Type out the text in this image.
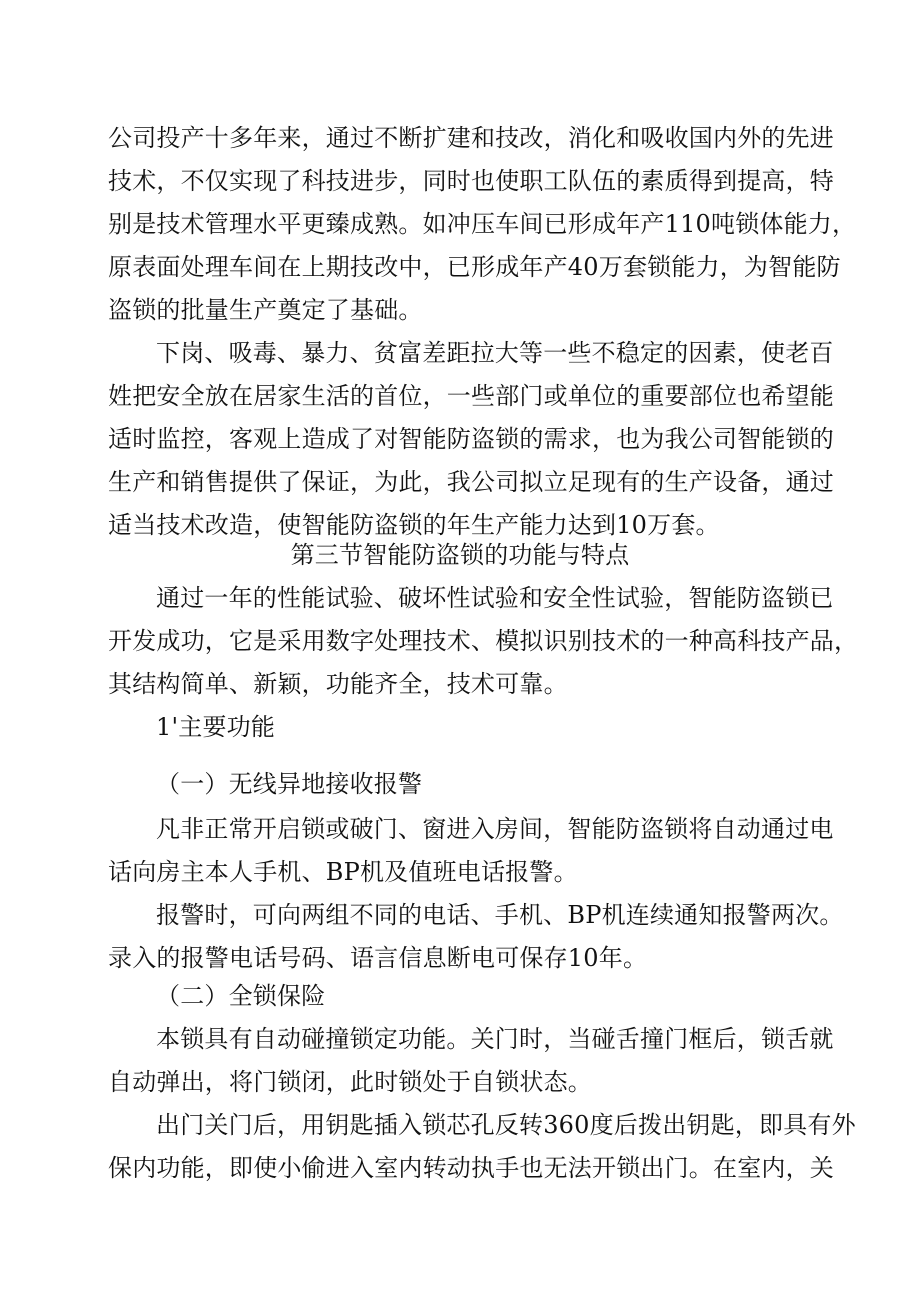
公司投产十多年来，通过不断扩建和技改，消化和吸收国内外的先进
技术，不仅实现了科技进步，同时也使职工队伍的素质得到提高，特
别是技术管理水平更臻成熟。如冲压车间已形成年产110吨锁体能力，
原表面处理车间在上期技改中，已形成年产40万套锁能力，为智能防
盗锁的批量生产奠定了基础。
下岗、吸毒、暴力、贫富差距拉大等一些不稳定的因素，使老百
姓把安全放在居家生活的首位，一些部门或单位的重要部位也希望能
适时监控，客观上造成了对智能防盗锁的需求，也为我公司智能锁的
生产和销售提供了保证，为此，我公司拟立足现有的生产设备，通过
适当技术改造，使智能防盗锁的年生产能力达到10万套。
第三节智能防盗锁的功能与特点
通过一年的性能试验、破坏性试验和安全性试验，智能防盗锁已
开发成功，它是采用数字处理技术、模拟识别技术的一种高科技产品，
其结构简单、新颖，功能齐全，技术可靠。
1'主要功能
（一）无线异地接收报警
凡非正常开启锁或破门、窗进入房间，智能防盗锁将自动通过电
话向房主本人手机、BP机及值班电话报警。
报警时，可向两组不同的电话、手机、BP机连续通知报警两次。
录入的报警电话号码、语言信息断电可保存10年。
（二）全锁保险
本锁具有自动碰撞锁定功能。关门时，当碰舌撞门框后，锁舌就
自动弹出，将门锁闭，此时锁处于自锁状态。
出门关门后，用钥匙插入锁芯孔反转360度后拨出钥匙，即具有外
保内功能，即使小偷进入室内转动执手也无法开锁出门。在室内，关
